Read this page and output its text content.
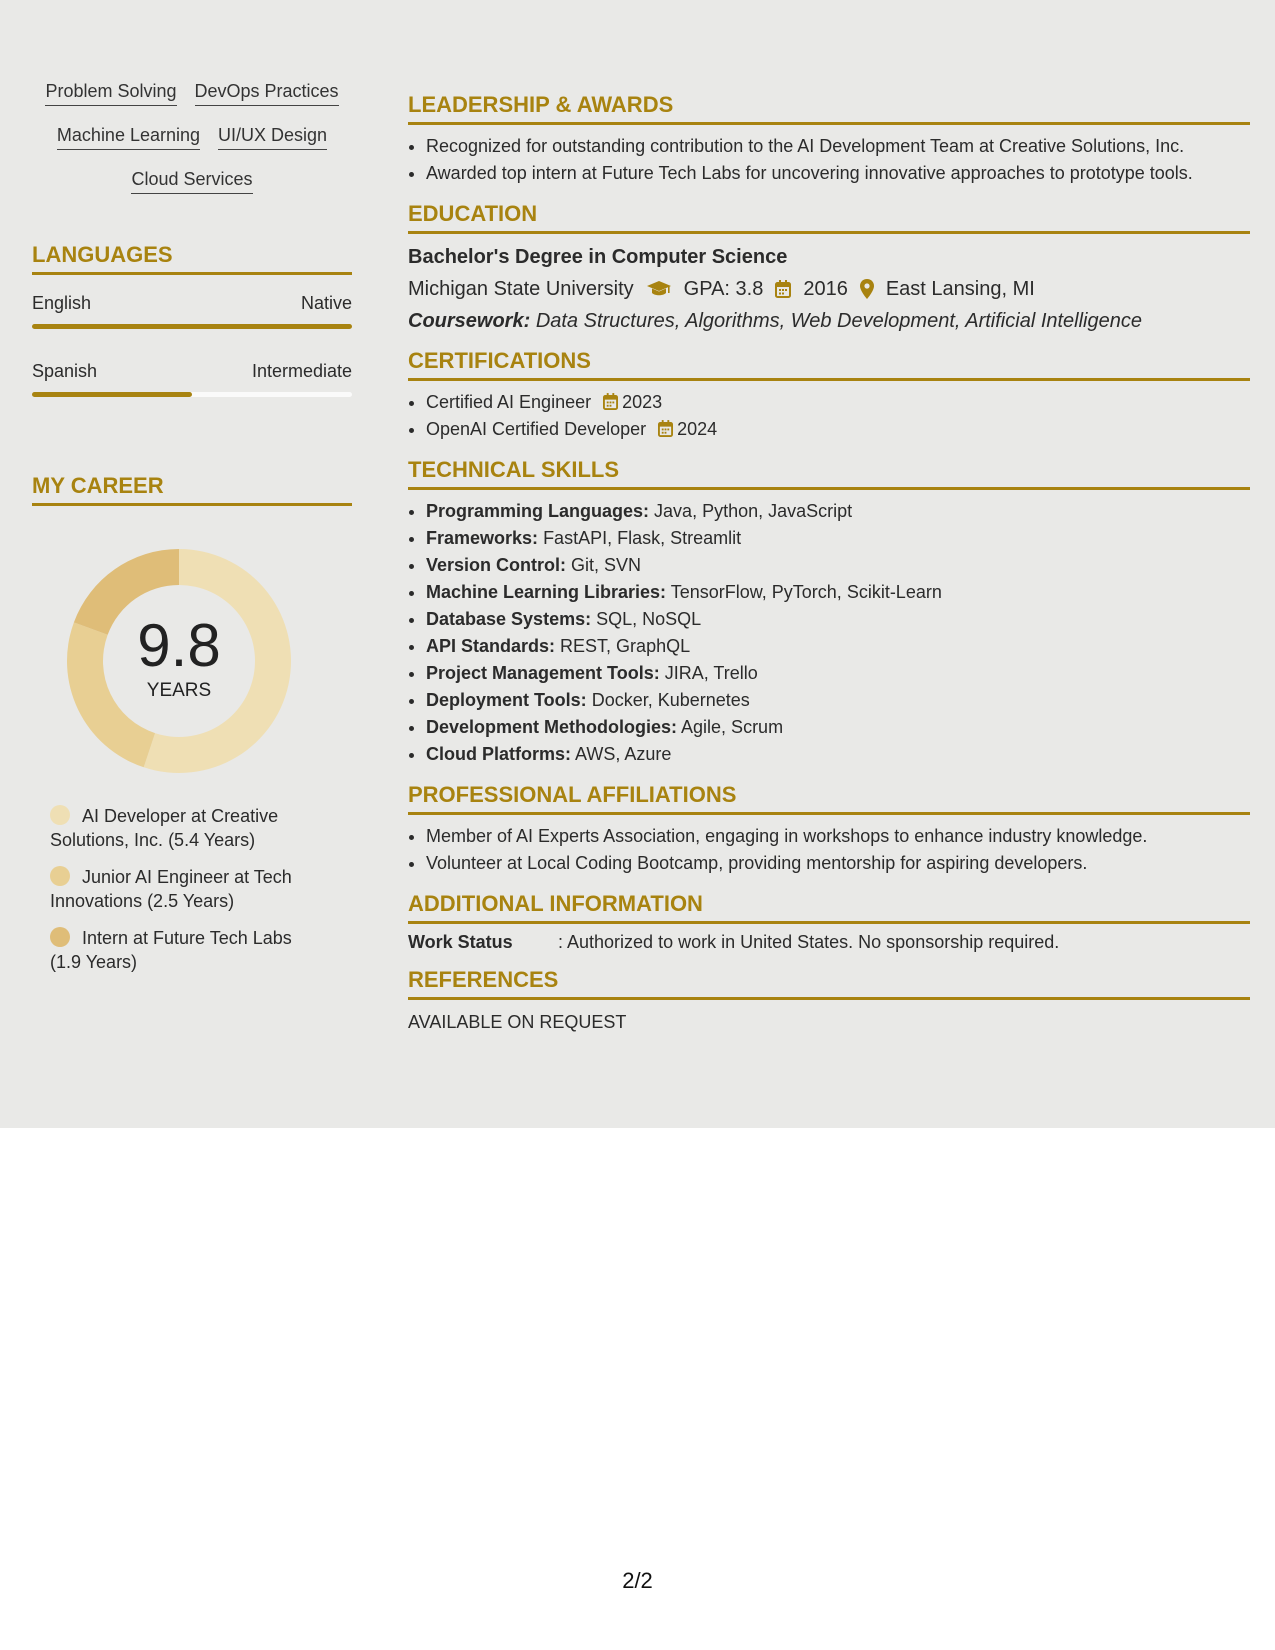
Problem Solving DevOps Practices
Machine Learning UI/UX Design
Cloud Services
LANGUAGES
English	Native
Spanish	Intermediate
MY CAREER
9.8
YEARS
AI Developer at Creative Solutions, Inc. (5.4 Years)
Junior AI Engineer at Tech Innovations (2.5 Years)
Intern at Future Tech Labs (1.9 Years)
LEADERSHIP & AWARDS
• Recognized for outstanding contribution to the AI Development Team at Creative Solutions, Inc.
• Awarded top intern at Future Tech Labs for uncovering innovative approaches to prototype tools.
EDUCATION
Bachelor's Degree in Computer Science
Michigan State University	GPA: 3.8 2016 East Lansing, MI
Coursework: Data Structures, Algorithms, Web Development, Artificial Intelligence
CERTIFICATIONS
• Certified AI Engineer 2023
• OpenAI Certified Developer 2024
TECHNICAL SKILLS
• Programming Languages: Java, Python, JavaScript
• Frameworks: FastAPI, Flask, Streamlit
• Version Control: Git, SVN
• Machine Learning Libraries: TensorFlow, PyTorch, Scikit-Learn
• Database Systems: SQL, NoSQL
• API Standards: REST, GraphQL
• Project Management Tools: JIRA, Trello
• Deployment Tools: Docker, Kubernetes
• Development Methodologies: Agile, Scrum
• Cloud Platforms: AWS, Azure
PROFESSIONAL AFFILIATIONS
• Member of AI Experts Association, engaging in workshops to enhance industry knowledge.
• Volunteer at Local Coding Bootcamp, providing mentorship for aspiring developers.
ADDITIONAL INFORMATION
Work Status	: Authorized to work in United States. No sponsorship required.
REFERENCES
AVAILABLE ON REQUEST
2/2
